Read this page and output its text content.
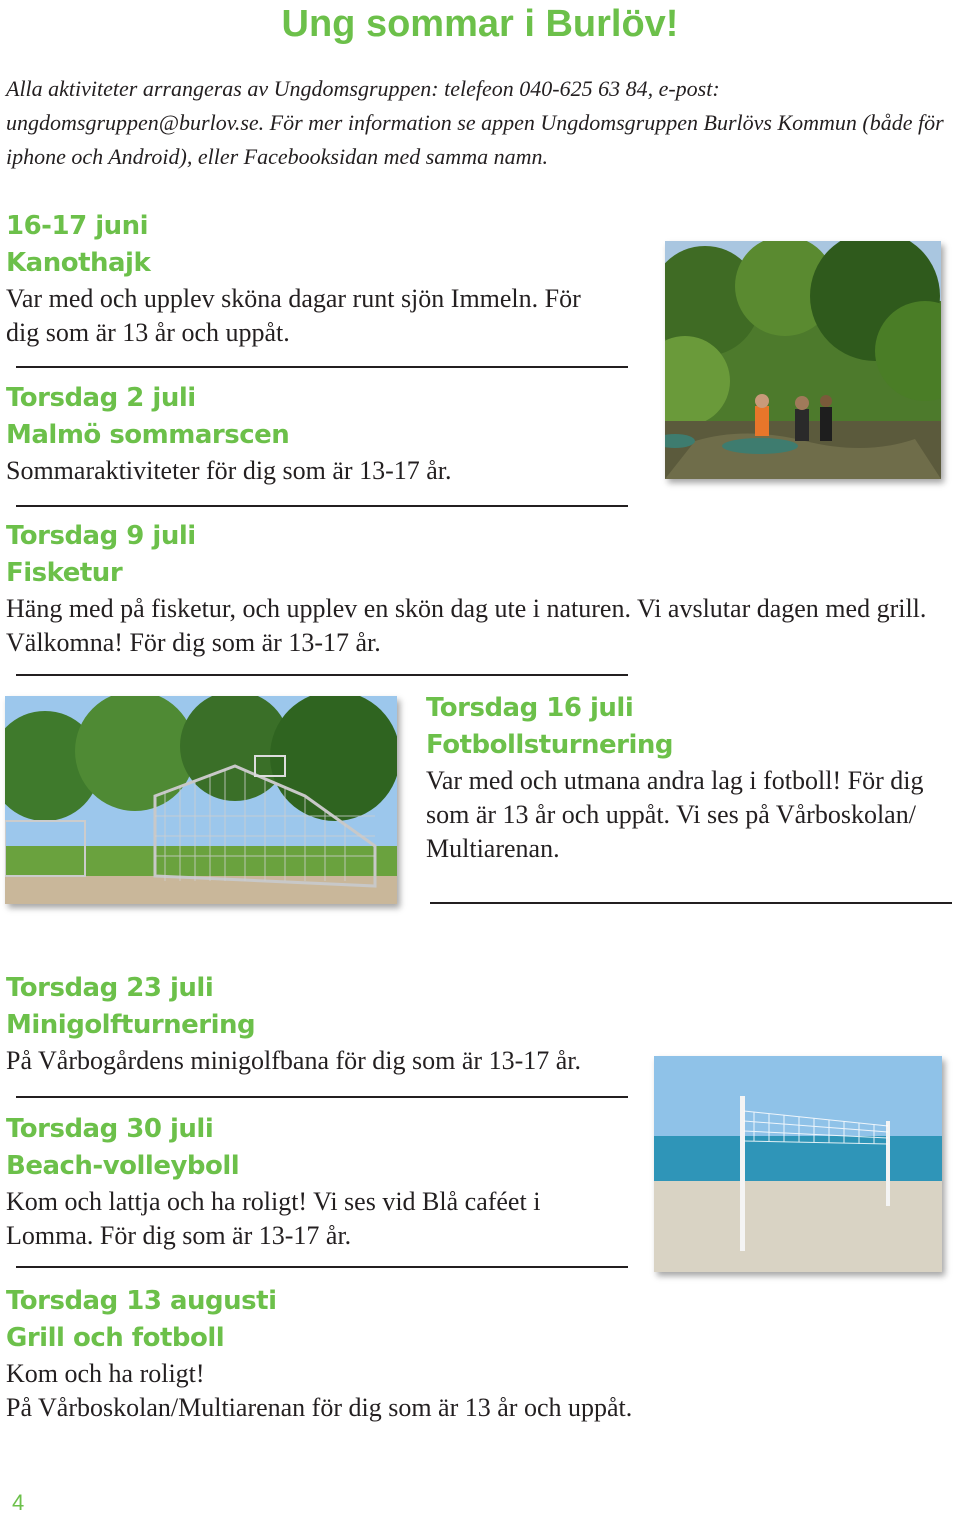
Ung sommar i Burlöv!

Alla aktiviteter arrangeras av Ungdomsgruppen: telefeon 040-625 63 84, e-post: ungdomsgruppen@burlov.se. För mer information se appen Ungdomsgruppen Burlövs Kommun (både för iphone och Android), eller Facebooksidan med samma namn.

16-17 juni
Kanothajk

Var med och upplev sköna dagar runt sjön Immeln. För dig som är 13 år och uppåt.

Torsdag 2 juli
Malmö sommarscen

Sommaraktiviteter för dig som är 13-17 år.

Torsdag 9 juli
Fisketur

Häng med på fisketur, och upplev en skön dag ute i naturen. Vi avslutar dagen med grill. Välkomna! För dig som är 13-17 år.

Torsdag 16 juli
Fotbollsturnering

Var med och utmana andra lag i fotboll! För dig som är 13 år och uppåt. Vi ses på Vårboskolan/ Multiarenan.

Torsdag 23 juli
Minigolfturnering

På Vårbogårdens minigolfbana för dig som är 13-17 år.

Torsdag 30 juli
Beach-volleyboll

Kom och lattja och ha roligt! Vi ses vid Blå caféet i Lomma. För dig som är 13-17 år.

Torsdag 13 augusti
Grill och fotboll

Kom och ha roligt!

På Vårboskolan/Multiarenan för dig som är 13 år och uppåt.

4
